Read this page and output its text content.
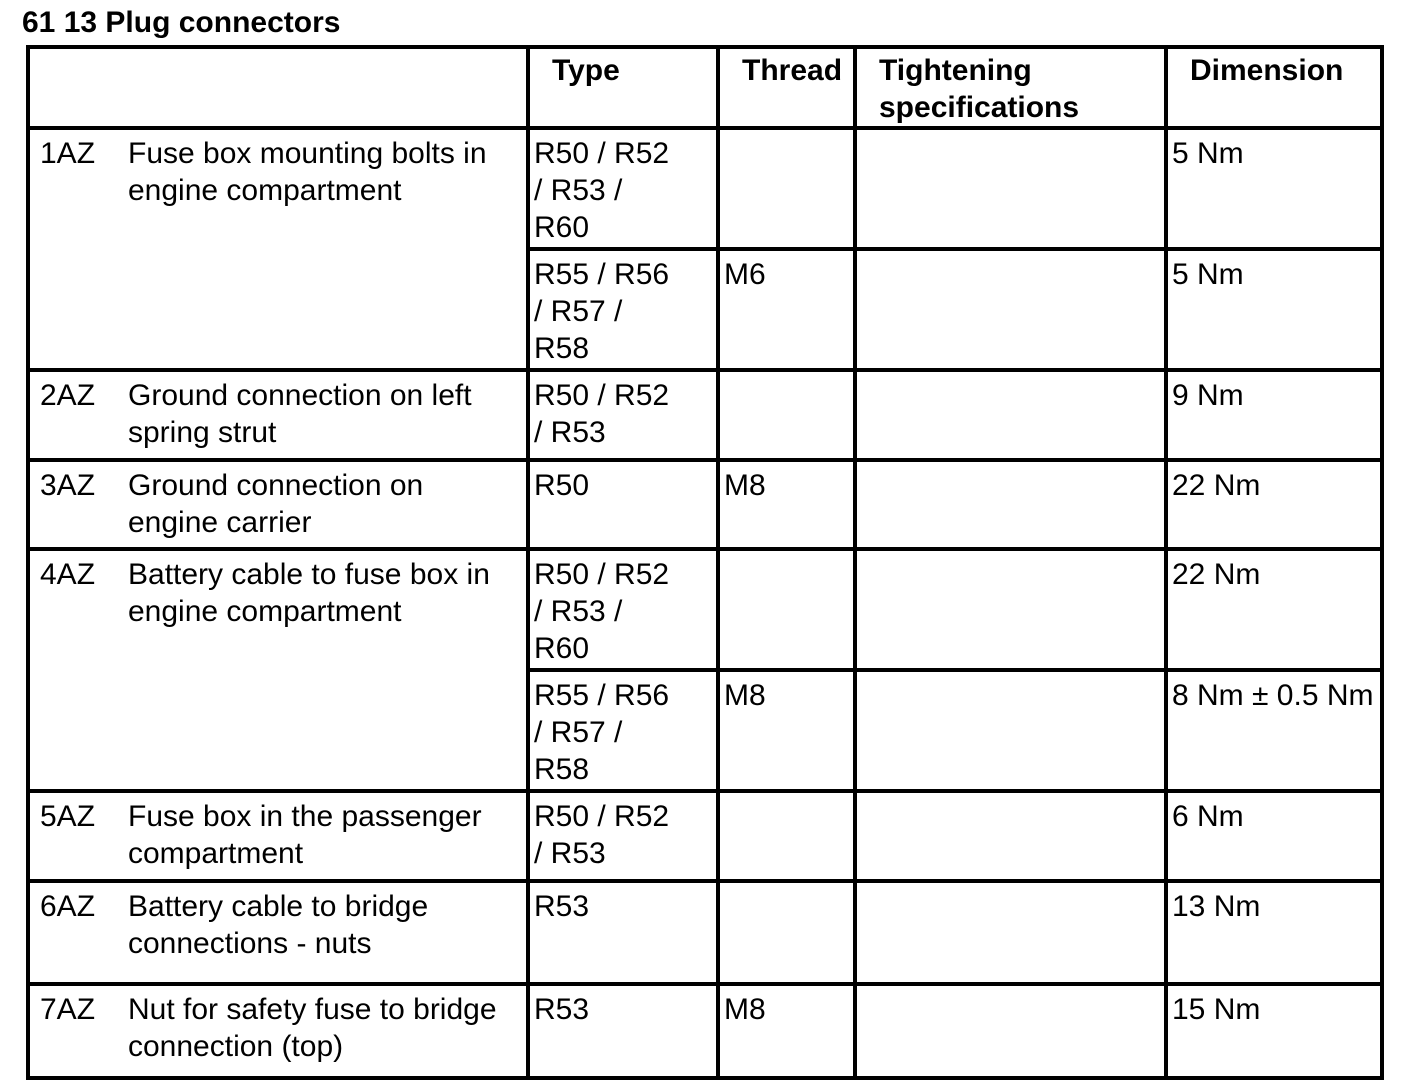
61 13 Plug connectors
	Type	Thread	Tightening specifications	Dimension

1AZ Fuse box mounting bolts in engine compartment	R50 / R52 / R53 / R60			5 Nm
	R55 / R56 / R57 / R58	M6		5 Nm

2AZ Ground connection on left spring strut	R50 / R52 / R53			9 Nm

3AZ Ground connection on engine carrier	R50	M8		22 Nm

4AZ Battery cable to fuse box in engine compartment	R50 / R52 / R53 / R60			22 Nm
	R55 / R56 / R57 / R58	M8		8 Nm ± 0.5 Nm

5AZ Fuse box in the passenger compartment	R50 / R52 / R53			6 Nm

6AZ Battery cable to bridge connections - nuts	R53			13 Nm

7AZ Nut for safety fuse to bridge connection (top)	R53	M8		15 Nm
